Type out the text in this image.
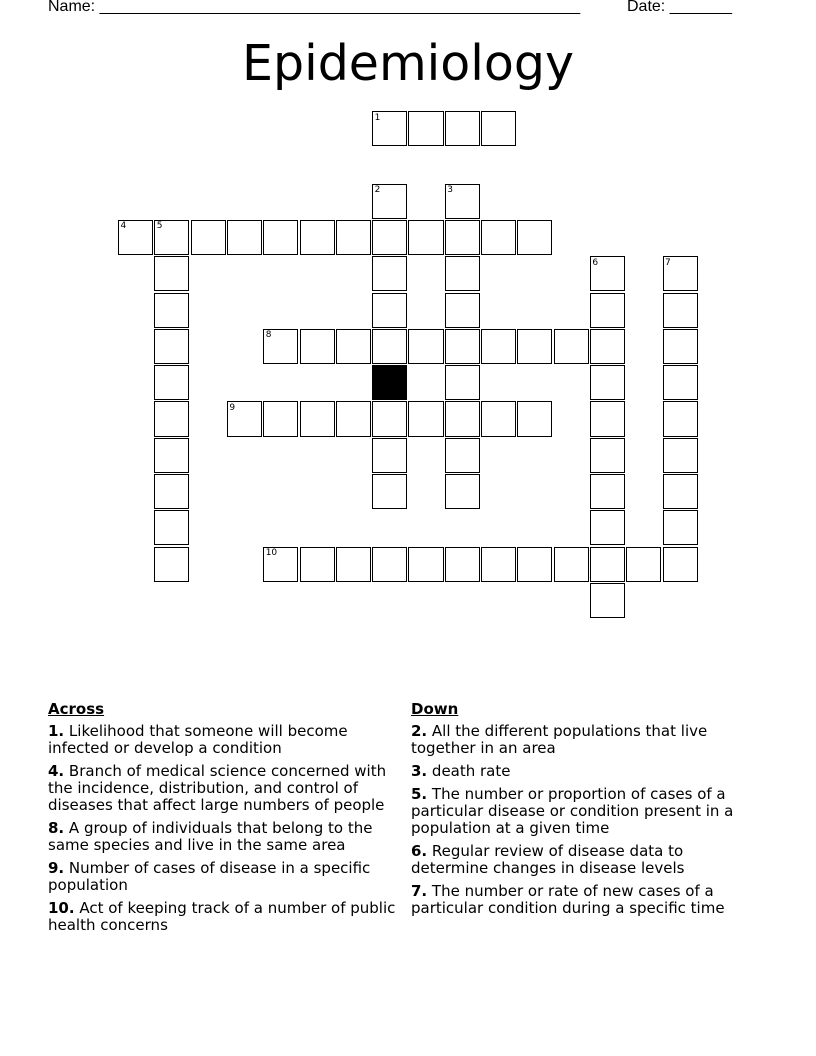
Name: ______________________________________________________	Date: _______
Epidemiology
1
2	3
4	5
6	7
8
9
10
Across
1. Likelihood that someone will become infected or develop a condition
4. Branch of medical science concerned with the incidence, distribution, and control of diseases that affect large numbers of people
8. A group of individuals that belong to the same species and live in the same area
9. Number of cases of disease in a specific population
10. Act of keeping track of a number of public health concerns
Down
2. All the different populations that live together in an area
3. death rate
5. The number or proportion of cases of a particular disease or condition present in a population at a given time
6. Regular review of disease data to determine changes in disease levels
7. The number or rate of new cases of a particular condition during a specific time
